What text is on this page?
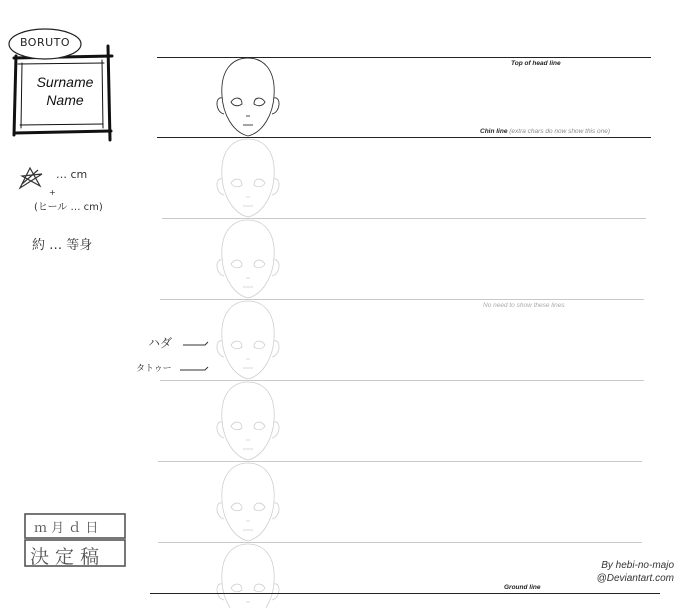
Top of head line
Chin line (extra chars do now show this one)
No need to show these lines
Ground line
BORUTO
Surname
Name
… cm
+
(ヒール … cm)
約 … 等身
ハダ
タトゥー
ｍ 月 ｄ 日
決 定 稿	By hebi-no-majo
@Deviantart.com
